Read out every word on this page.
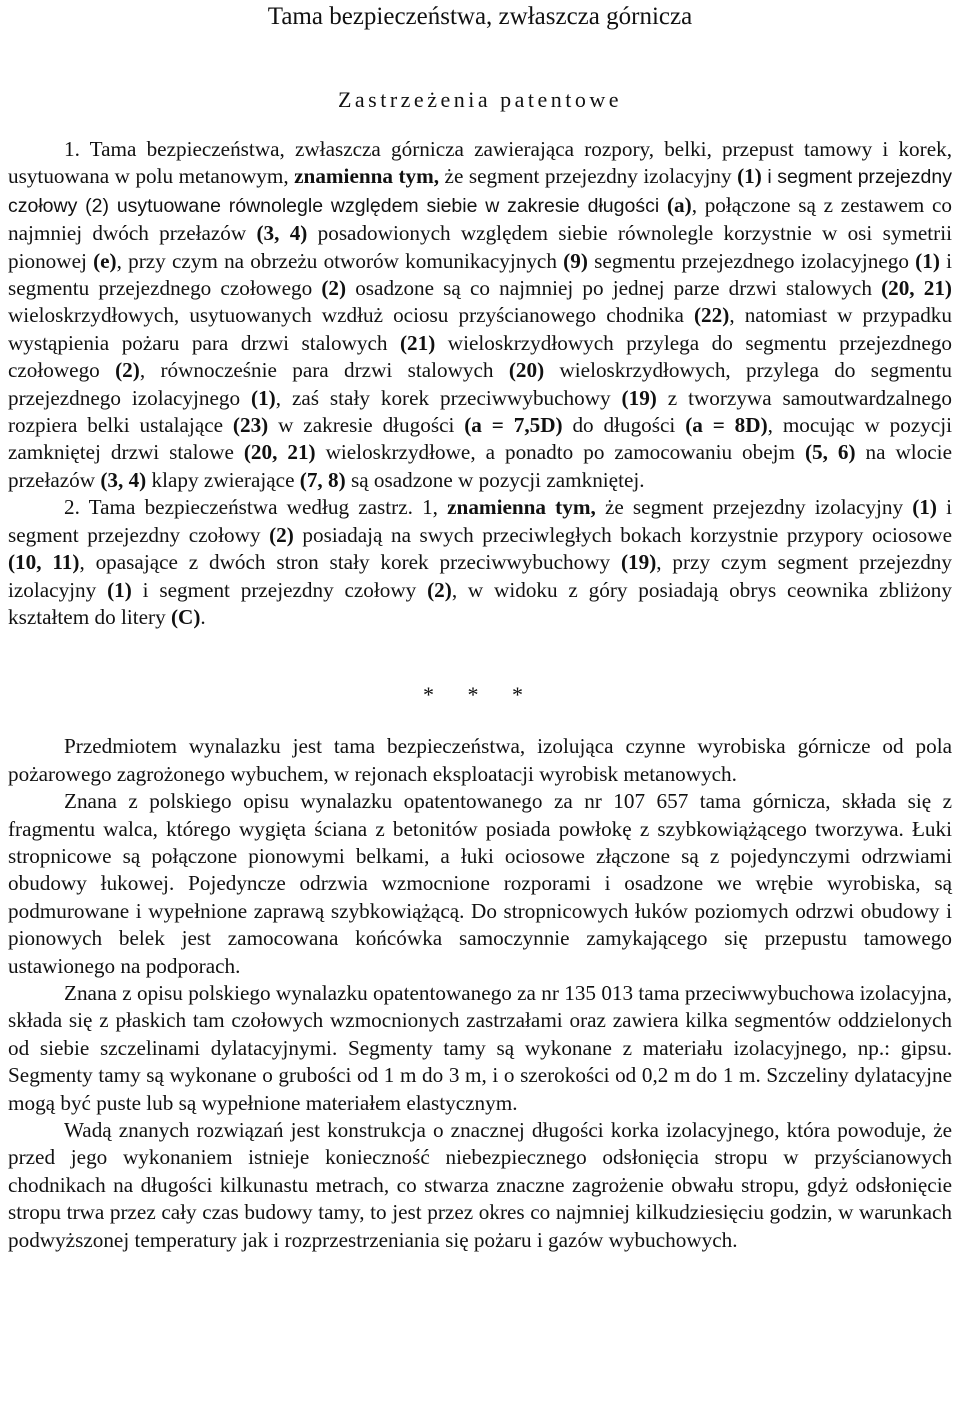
Tama bezpieczeństwa, zwłaszcza górnicza
Zastrzeżenia patentowe

1. Tama bezpieczeństwa, zwłaszcza górnicza zawierająca rozpory, belki, przepust tamowy i korek, usytuowana w polu metanowym, znamienna tym, że segment przejezdny izolacyjny (1) i segment przejezdny czołowy (2) usytuowane równolegle względem siebie w zakresie długości (a), połączone są z zestawem co najmniej dwóch przełazów (3, 4) posadowionych względem siebie równolegle korzystnie w osi symetrii pionowej (e), przy czym na obrzeżu otworów komunikacyjnych (9) segmentu przejezdnego izolacyjnego (1) i segmentu przejezdnego czołowego (2) osadzone są co najmniej po jednej parze drzwi stalowych (20, 21) wieloskrzydłowych, usytuowanych wzdłuż ociosu przyścianowego chodnika (22), natomiast w przypadku wystąpienia pożaru para drzwi stalowych (21) wieloskrzydłowych przylega do segmentu przejezdnego czołowego (2), równocześnie para drzwi stalowych (20) wieloskrzydłowych, przylega do segmentu przejezdnego izolacyjnego (1), zaś stały korek przeciwwybuchowy (19) z tworzywa samoutwardzalnego rozpiera belki ustalające (23) w zakresie długości (a = 7,5D) do długości (a = 8D), mocując w pozycji zamkniętej drzwi stalowe (20, 21) wieloskrzydłowe, a ponadto po zamocowaniu obejm (5, 6) na wlocie przełazów (3, 4) klapy zwierające (7, 8) są osadzone w pozycji zamkniętej.

2. Tama bezpieczeństwa według zastrz. 1, znamienna tym, że segment przejezdny izolacyjny (1) i segment przejezdny czołowy (2) posiadają na swych przeciwległych bokach korzystnie przypory ociosowe (10, 11), opasające z dwóch stron stały korek przeciwwybuchowy (19), przy czym segment przejezdny izolacyjny (1) i segment przejezdny czołowy (2), w widoku z góry posiadają obrys ceownika zbliżony kształtem do litery (C).

* * *

Przedmiotem wynalazku jest tama bezpieczeństwa, izolująca czynne wyrobiska górnicze od pola pożarowego zagrożonego wybuchem, w rejonach eksploatacji wyrobisk metanowych.

Znana z polskiego opisu wynalazku opatentowanego za nr 107 657 tama górnicza, składa się z fragmentu walca, którego wygięta ściana z betonitów posiada powłokę z szybkowiążącego tworzywa. Łuki stropnicowe są połączone pionowymi belkami, a łuki ociosowe złączone są z pojedynczymi odrzwiami obudowy łukowej. Pojedyncze odrzwia wzmocnione rozporami i osadzone we wrębie wyrobiska, są podmurowane i wypełnione zaprawą szybkowiążącą. Do stropnicowych łuków poziomych odrzwi obudowy i pionowych belek jest zamocowana końcówka samoczynnie zamykającego się przepustu tamowego ustawionego na podporach.

Znana z opisu polskiego wynalazku opatentowanego za nr 135 013 tama przeciwwybuchowa izolacyjna, składa się z płaskich tam czołowych wzmocnionych zastrzałami oraz zawiera kilka segmentów oddzielonych od siebie szczelinami dylatacyjnymi. Segmenty tamy są wykonane z materiału izolacyjnego, np.: gipsu. Segmenty tamy są wykonane o grubości od 1 m do 3 m, i o szerokości od 0,2 m do 1 m. Szczeliny dylatacyjne mogą być puste lub są wypełnione materiałem elastycznym.

Wadą znanych rozwiązań jest konstrukcja o znacznej długości korka izolacyjnego, która powoduje, że przed jego wykonaniem istnieje konieczność niebezpiecznego odsłonięcia stropu w przyścianowych chodnikach na długości kilkunastu metrach, co stwarza znaczne zagrożenie obwału stropu, gdyż odsłonięcie stropu trwa przez cały czas budowy tamy, to jest przez okres co najmniej kilkudziesięciu godzin, w warunkach podwyższonej temperatury jak i rozprzestrzeniania się pożaru i gazów wybuchowych.
